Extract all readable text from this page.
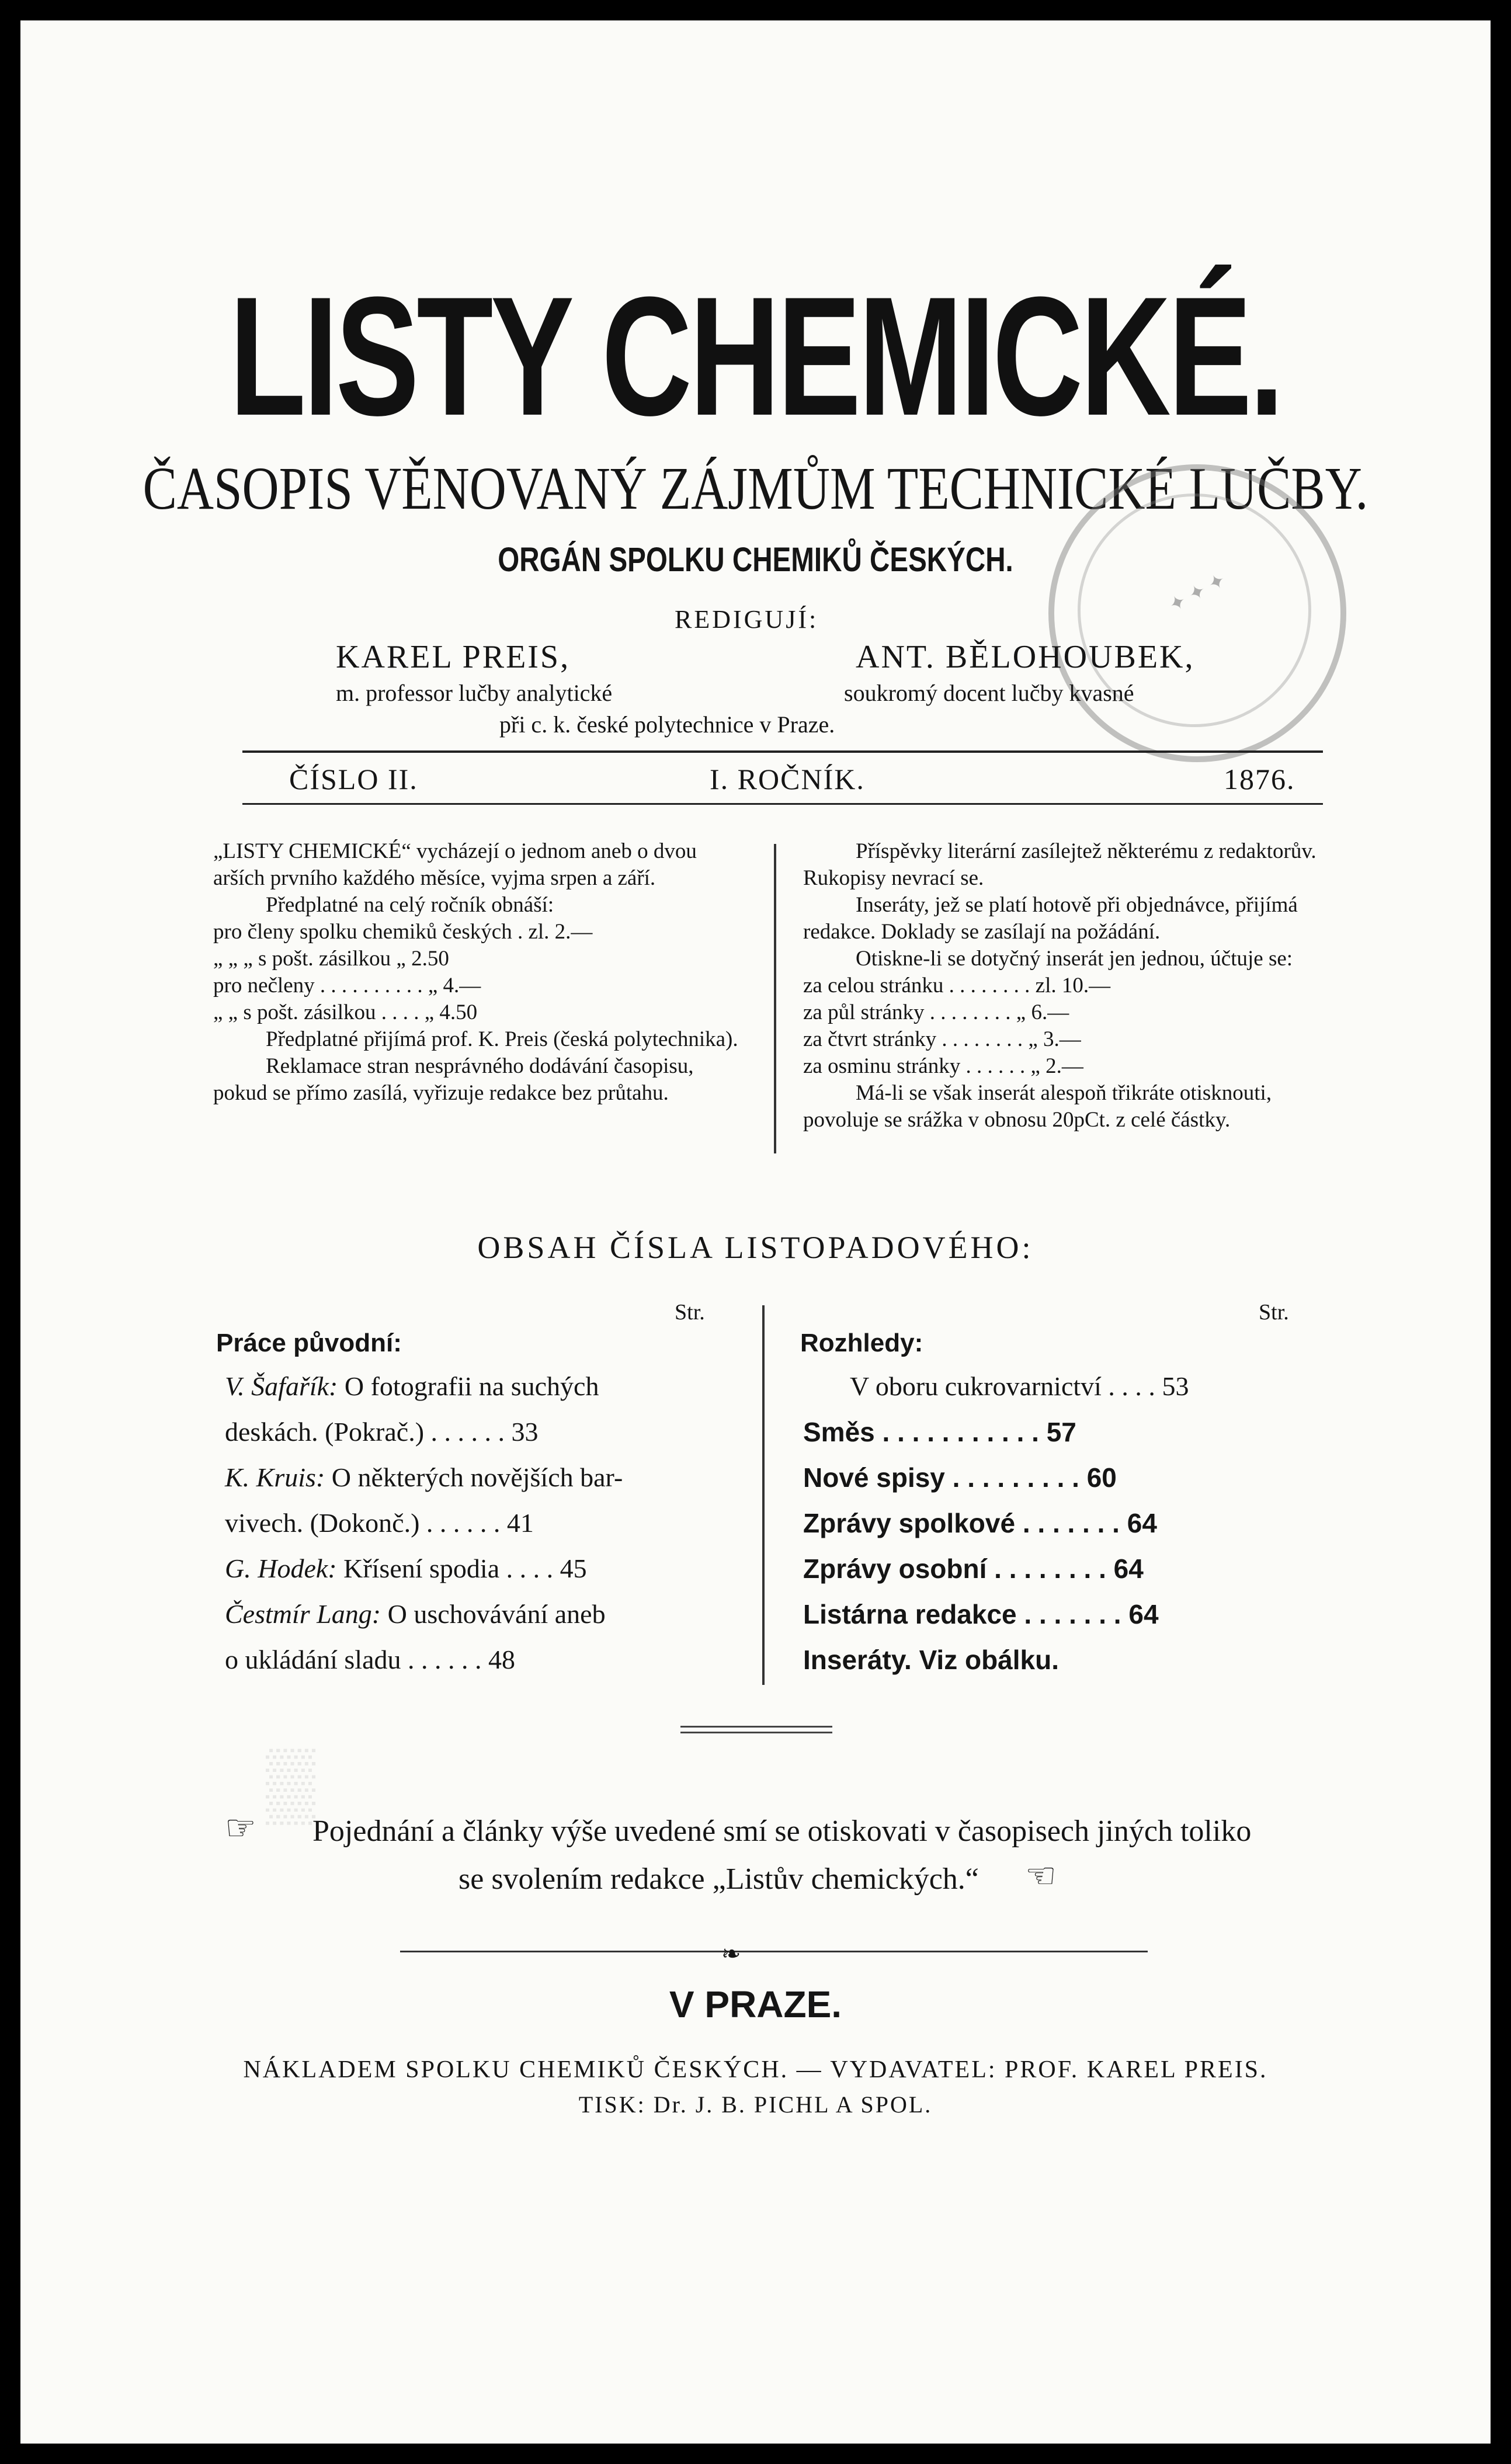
▒
LISTY CHEMICKÉ.
ČASOPIS VĚNOVANÝ ZÁJMŮM TECHNICKÉ LUČBY.
ORGÁN SPOLKU CHEMIKŮ ČESKÝCH.
✦ ✦ ✦
REDIGUJÍ:
KAREL PREIS,	ANT. BĚLOHOUBEK,
m. professor lučby analytické	soukromý docent lučby kvasné
při c. k. české polytechnice v Praze.
ČÍSLO II.	I. ROČNÍK.	1876.

„LISTY CHEMICKÉ“ vycházejí o jednom aneb o dvou arších prvního každého měsíce, vyjma srpen a září.

Předplatné na celý ročník obnáší:

pro členy spolku chemiků českých . zl. 2.—

„ „ „ s pošt. zásilkou „ 2.50

pro nečleny . . . . . . . . . . „ 4.—

„ „ s pošt. zásilkou . . . . „ 4.50

Předplatné přijímá prof. K. Preis (česká polytechnika).

Reklamace stran nesprávného dodávání časopisu, pokud se přímo zasílá, vyřizuje redakce bez průtahu.

Příspěvky literární zasílejtež některému z redaktorův. Rukopisy nevrací se.

Inseráty, jež se platí hotově při objednávce, přijímá redakce. Doklady se zasílají na požádání.

Otiskne-li se dotyčný inserát jen jednou, účtuje se:

za celou stránku . . . . . . . . zl. 10.—

za půl stránky . . . . . . . . „ 6.—

za čtvrt stránky . . . . . . . . „ 3.—

za osminu stránky . . . . . . „ 2.—

Má-li se však inserát alespoň třikráte otisknouti, povoluje se srážka v obnosu 20pCt. z celé částky.

OBSAH ČÍSLA LISTOPADOVÉHO:
Str.	Str.
Práce původní:	Rozhledy:
V. Šafařík: O fotografii na suchých
deskách. (Pokrač.) . . . . . . 33
K. Kruis: O některých novějších bar-
vivech. (Dokonč.) . . . . . . 41
G. Hodek: Křísení spodia . . . . 45
Čestmír Lang: O uschovávání aneb
o ukládání sladu . . . . . . 48
V oboru cukrovarnictví . . . . 53
Směs . . . . . . . . . . . 57
Nové spisy . . . . . . . . . 60
Zprávy spolkové . . . . . . . 64
Zprávy osobní . . . . . . . . 64
Listárna redakce . . . . . . . 64
Inseráty. Viz obálku.
☞ Pojednání a články výše uvedené smí se otiskovati v časopisech jiných toliko
se svolením redakce „Listův chemických.“	☜
❧
V PRAZE.
NÁKLADEM SPOLKU CHEMIKŮ ČESKÝCH. — VYDAVATEL: PROF. KAREL PREIS.
TISK: Dr. J. B. PICHL A SPOL.
